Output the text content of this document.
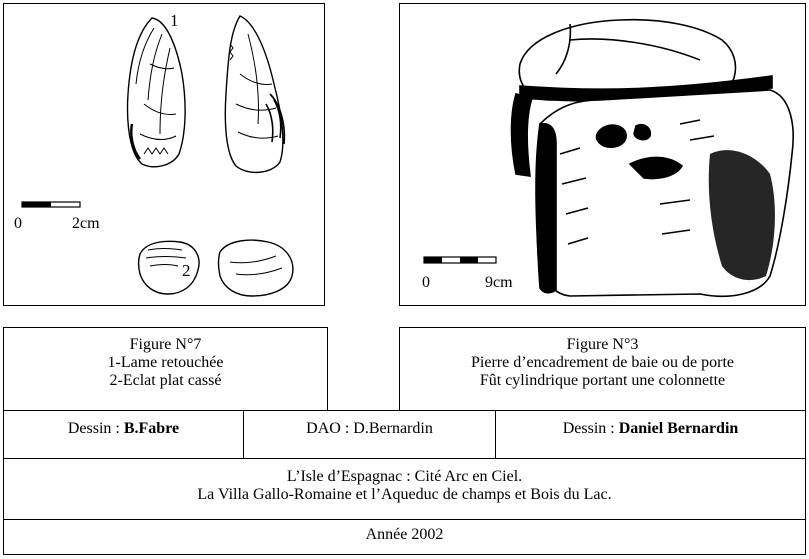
1
2
0	2cm
0	9cm
Figure N°7
1-Lame retouchée
2-Eclat plat cassé
Figure N°3
Pierre d’encadrement de baie ou de porte
Fût cylindrique portant une colonnette
Dessin : B.Fabre	DAO : D.Bernardin	Dessin : Daniel Bernardin
L’Isle d’Espagnac : Cité Arc en Ciel.
La Villa Gallo-Romaine et l’Aqueduc de champs et Bois du Lac.
Année 2002
